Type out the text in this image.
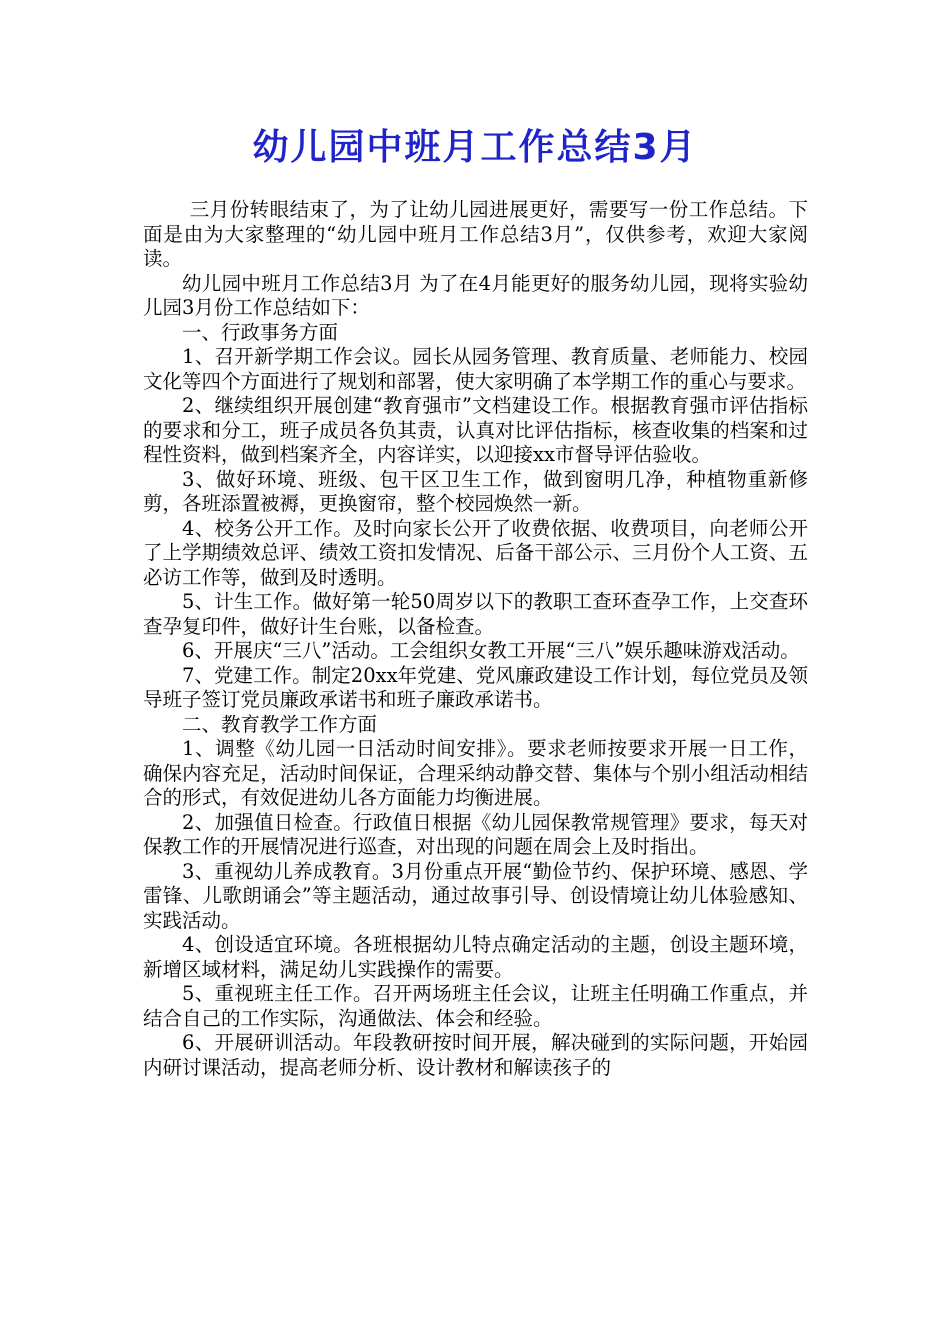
幼儿园中班月工作总结3月

三月份转眼结束了，为了让幼儿园进展更好，需要写一份工作总结。下面是由为大家整理的“幼儿园中班月工作总结3月”，仅供参考，欢迎大家阅读。

幼儿园中班月工作总结3月 为了在4月能更好的服务幼儿园，现将实验幼儿园3月份工作总结如下：

一、行政事务方面

1、召开新学期工作会议。园长从园务管理、教育质量、老师能力、校园文化等四个方面进行了规划和部署，使大家明确了本学期工作的重心与要求。

2、继续组织开展创建“教育强市”文档建设工作。根据教育强市评估指标的要求和分工，班子成员各负其责，认真对比评估指标，核查收集的档案和过程性资料，做到档案齐全，内容详实，以迎接xx市督导评估验收。

3、做好环境、班级、包干区卫生工作，做到窗明几净，种植物重新修剪，各班添置被褥，更换窗帘，整个校园焕然一新。

4、校务公开工作。及时向家长公开了收费依据、收费项目，向老师公开了上学期绩效总评、绩效工资扣发情况、后备干部公示、三月份个人工资、五必访工作等，做到及时透明。

5、计生工作。做好第一轮50周岁以下的教职工查环查孕工作，上交查环查孕复印件，做好计生台账，以备检查。

6、开展庆“三八”活动。工会组织女教工开展“三八”娱乐趣味游戏活动。

7、党建工作。制定20xx年党建、党风廉政建设工作计划，每位党员及领导班子签订党员廉政承诺书和班子廉政承诺书。

二、教育教学工作方面

1、调整《幼儿园一日活动时间安排》。要求老师按要求开展一日工作，确保内容充足，活动时间保证，合理采纳动静交替、集体与个别小组活动相结合的形式，有效促进幼儿各方面能力均衡进展。

2、加强值日检查。行政值日根据《幼儿园保教常规管理》要求，每天对保教工作的开展情况进行巡查，对出现的问题在周会上及时指出。

3、重视幼儿养成教育。3月份重点开展“勤俭节约、保护环境、感恩、学雷锋、儿歌朗诵会”等主题活动，通过故事引导、创设情境让幼儿体验感知、实践活动。

4、创设适宜环境。各班根据幼儿特点确定活动的主题，创设主题环境，新增区域材料，满足幼儿实践操作的需要。

5、重视班主任工作。召开两场班主任会议，让班主任明确工作重点，并结合自己的工作实际，沟通做法、体会和经验。

6、开展研训活动。年段教研按时间开展，解决碰到的实际问题，开始园内研讨课活动，提高老师分析、设计教材和解读孩子的
